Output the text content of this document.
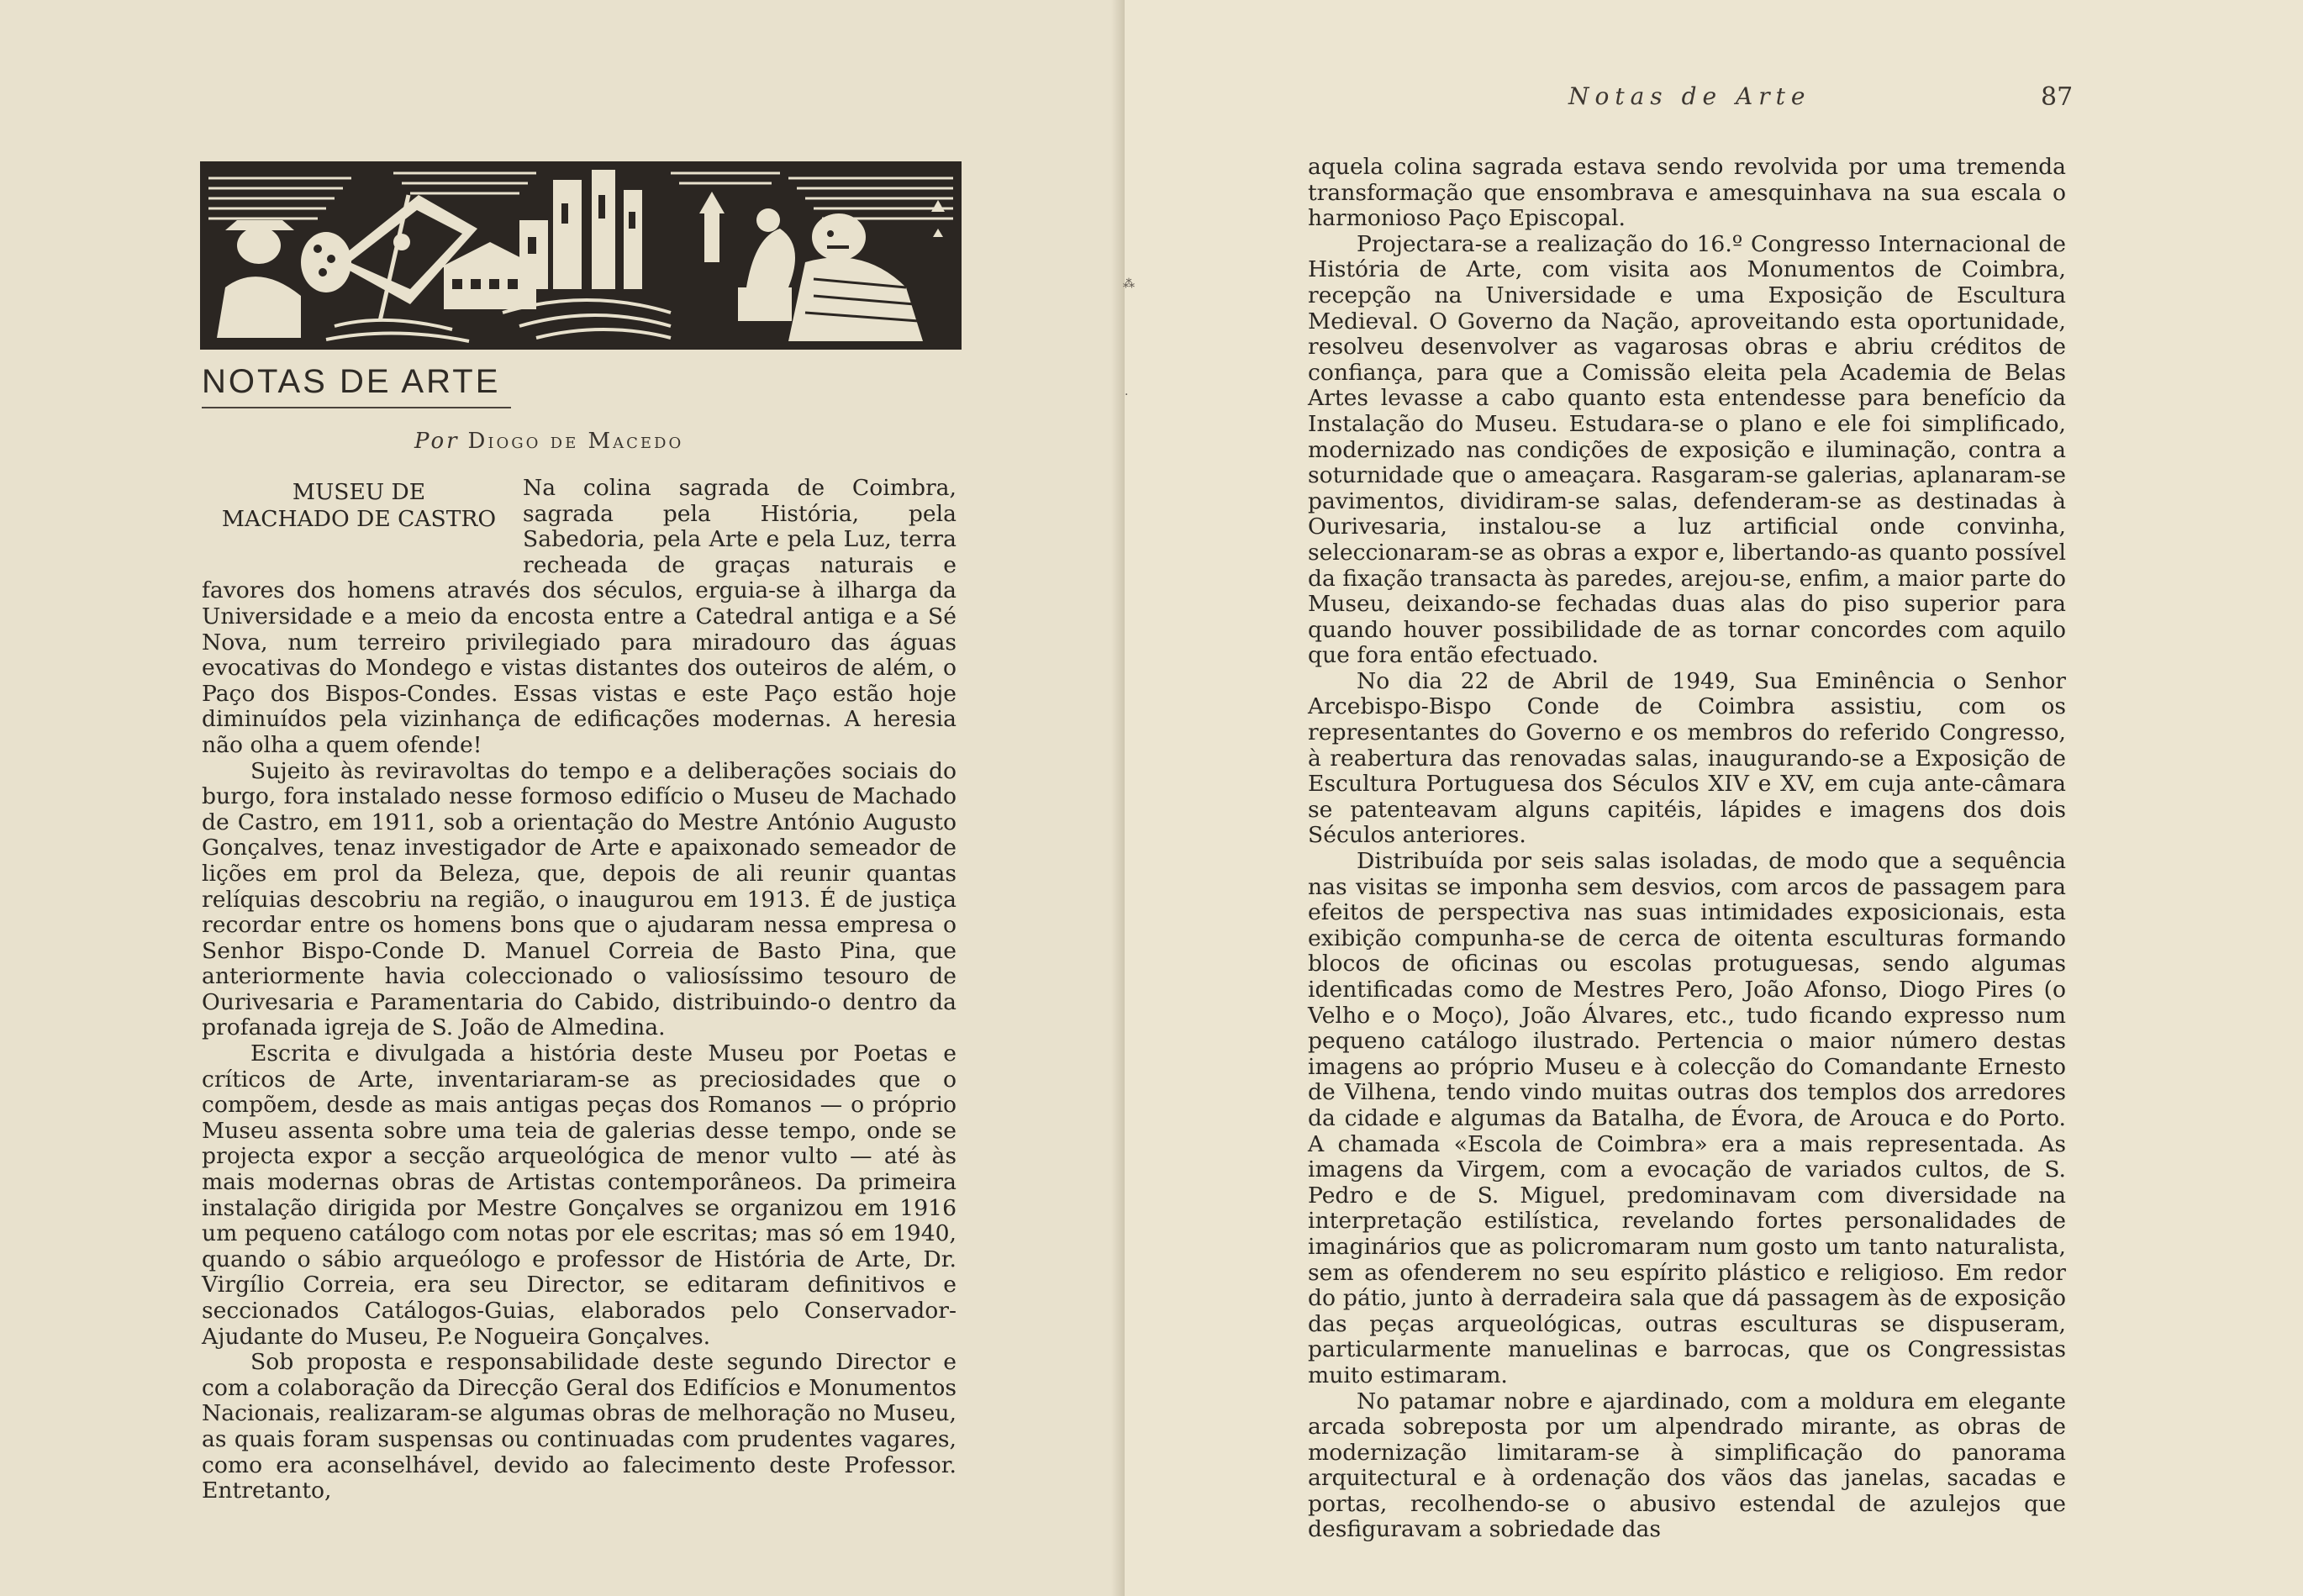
NOTAS DE ARTE
Por Diogo de Macedo
MUSEU DE
MACHADO DE CASTRO

Na colina sagrada de Coimbra, sagrada pela História, pela Sabedoria, pela Arte e pela Luz, terra recheada de graças naturais e favores dos homens através dos séculos, erguia-se à ilharga da Universidade e a meio da encosta entre a Catedral antiga e a Sé Nova, num terreiro privilegiado para miradouro das águas evocativas do Mondego e vistas distantes dos outeiros de além, o Paço dos Bispos-Condes. Essas vistas e este Paço estão hoje diminuídos pela vizinhança de edificações modernas. A heresia não olha a quem ofende!

Sujeito às reviravoltas do tempo e a deliberações sociais do burgo, fora instalado nesse formoso edifício o Museu de Machado de Castro, em 1911, sob a orientação do Mestre António Augusto Gonçalves, tenaz investigador de Arte e apaixonado semeador de lições em prol da Beleza, que, depois de ali reunir quantas relíquias descobriu na região, o inaugurou em 1913. É de justiça recordar entre os homens bons que o ajudaram nessa empresa o Senhor Bispo-Conde D. Manuel Correia de Basto Pina, que anteriormente havia coleccionado o valiosíssimo tesouro de Ourivesaria e Paramentaria do Cabido, distribuindo-o dentro da profanada igreja de S. João de Almedina.

Escrita e divulgada a história deste Museu por Poetas e críticos de Arte, inventariaram-se as preciosidades que o compõem, desde as mais antigas peças dos Romanos — o próprio Museu assenta sobre uma teia de galerias desse tempo, onde se projecta expor a secção arqueológica de menor vulto — até às mais modernas obras de Artistas contemporâneos. Da primeira instalação dirigida por Mestre Gonçalves se organizou em 1916 um pequeno catálogo com notas por ele escritas; mas só em 1940, quando o sábio arqueólogo e professor de História de Arte, Dr. Virgílio Correia, era seu Director, se editaram definitivos e seccionados Catálogos-Guias, elaborados pelo Conservador-Ajudante do Museu, P.e Nogueira Gonçalves.

Sob proposta e responsabilidade deste segundo Director e com a colaboração da Direcção Geral dos Edifícios e Monumentos Nacionais, realizaram-se algumas obras de melhoração no Museu, as quais foram suspensas ou continuadas com prudentes vagares, como era aconselhável, devido ao falecimento deste Professor. Entretanto,

Notas de Arte	87

aquela colina sagrada estava sendo revolvida por uma tremenda transformação que ensombrava e amesquinhava na sua escala o harmonioso Paço Episcopal.

Projectara-se a realização do 16.º Congresso Internacional de História de Arte, com visita aos Monumentos de Coimbra, recepção na Universidade e uma Exposição de Escultura Medieval. O Governo da Nação, aproveitando esta oportunidade, resolveu desenvolver as vagarosas obras e abriu créditos de confiança, para que a Comissão eleita pela Academia de Belas Artes levasse a cabo quanto esta entendesse para benefício da Instalação do Museu. Estudara-se o plano e ele foi simplificado, modernizado nas condições de exposição e iluminação, contra a soturnidade que o ameaçara. Rasgaram-se galerias, aplanaram-se pavimentos, dividiram-se salas, defenderam-se as destinadas à Ourivesaria, instalou-se a luz artificial onde convinha, seleccionaram-se as obras a expor e, libertando-as quanto possível da fixação transacta às paredes, arejou-se, enfim, a maior parte do Museu, deixando-se fechadas duas alas do piso superior para quando houver possibilidade de as tornar concordes com aquilo que fora então efectuado.

No dia 22 de Abril de 1949, Sua Eminência o Senhor Arcebispo-Bispo Conde de Coimbra assistiu, com os representantes do Governo e os membros do referido Congresso, à reabertura das renovadas salas, inaugurando-se a Exposição de Escultura Portuguesa dos Séculos XIV e XV, em cuja ante-câmara se patenteavam alguns capitéis, lápides e imagens dos dois Séculos anteriores.

Distribuída por seis salas isoladas, de modo que a sequência nas visitas se imponha sem desvios, com arcos de passagem para efeitos de perspectiva nas suas intimidades exposicionais, esta exibição compunha-se de cerca de oitenta esculturas formando blocos de oficinas ou escolas protuguesas, sendo algumas identificadas como de Mestres Pero, João Afonso, Diogo Pires (o Velho e o Moço), João Álvares, etc., tudo ficando expresso num pequeno catálogo ilustrado. Pertencia o maior número destas imagens ao próprio Museu e à colecção do Comandante Ernesto de Vilhena, tendo vindo muitas outras dos templos dos arredores da cidade e algumas da Batalha, de Évora, de Arouca e do Porto. A chamada «Escola de Coimbra» era a mais representada. As imagens da Virgem, com a evocação de variados cultos, de S. Pedro e de S. Miguel, predominavam com diversidade na interpretação estilística, revelando fortes personalidades de imaginários que as policromaram num gosto um tanto naturalista, sem as ofenderem no seu espírito plástico e religioso. Em redor do pátio, junto à derradeira sala que dá passagem às de exposição das peças arqueológicas, outras esculturas se dispuseram, particularmente manuelinas e barrocas, que os Congressistas muito estimaram.

No patamar nobre e ajardinado, com a moldura em elegante arcada sobreposta por um alpendrado mirante, as obras de modernização limitaram-se à simplificação do panorama arquitectural e à ordenação dos vãos das janelas, sacadas e portas, recolhendo-se o abusivo estendal de azulejos que desfiguravam a sobriedade das

⁂
·
